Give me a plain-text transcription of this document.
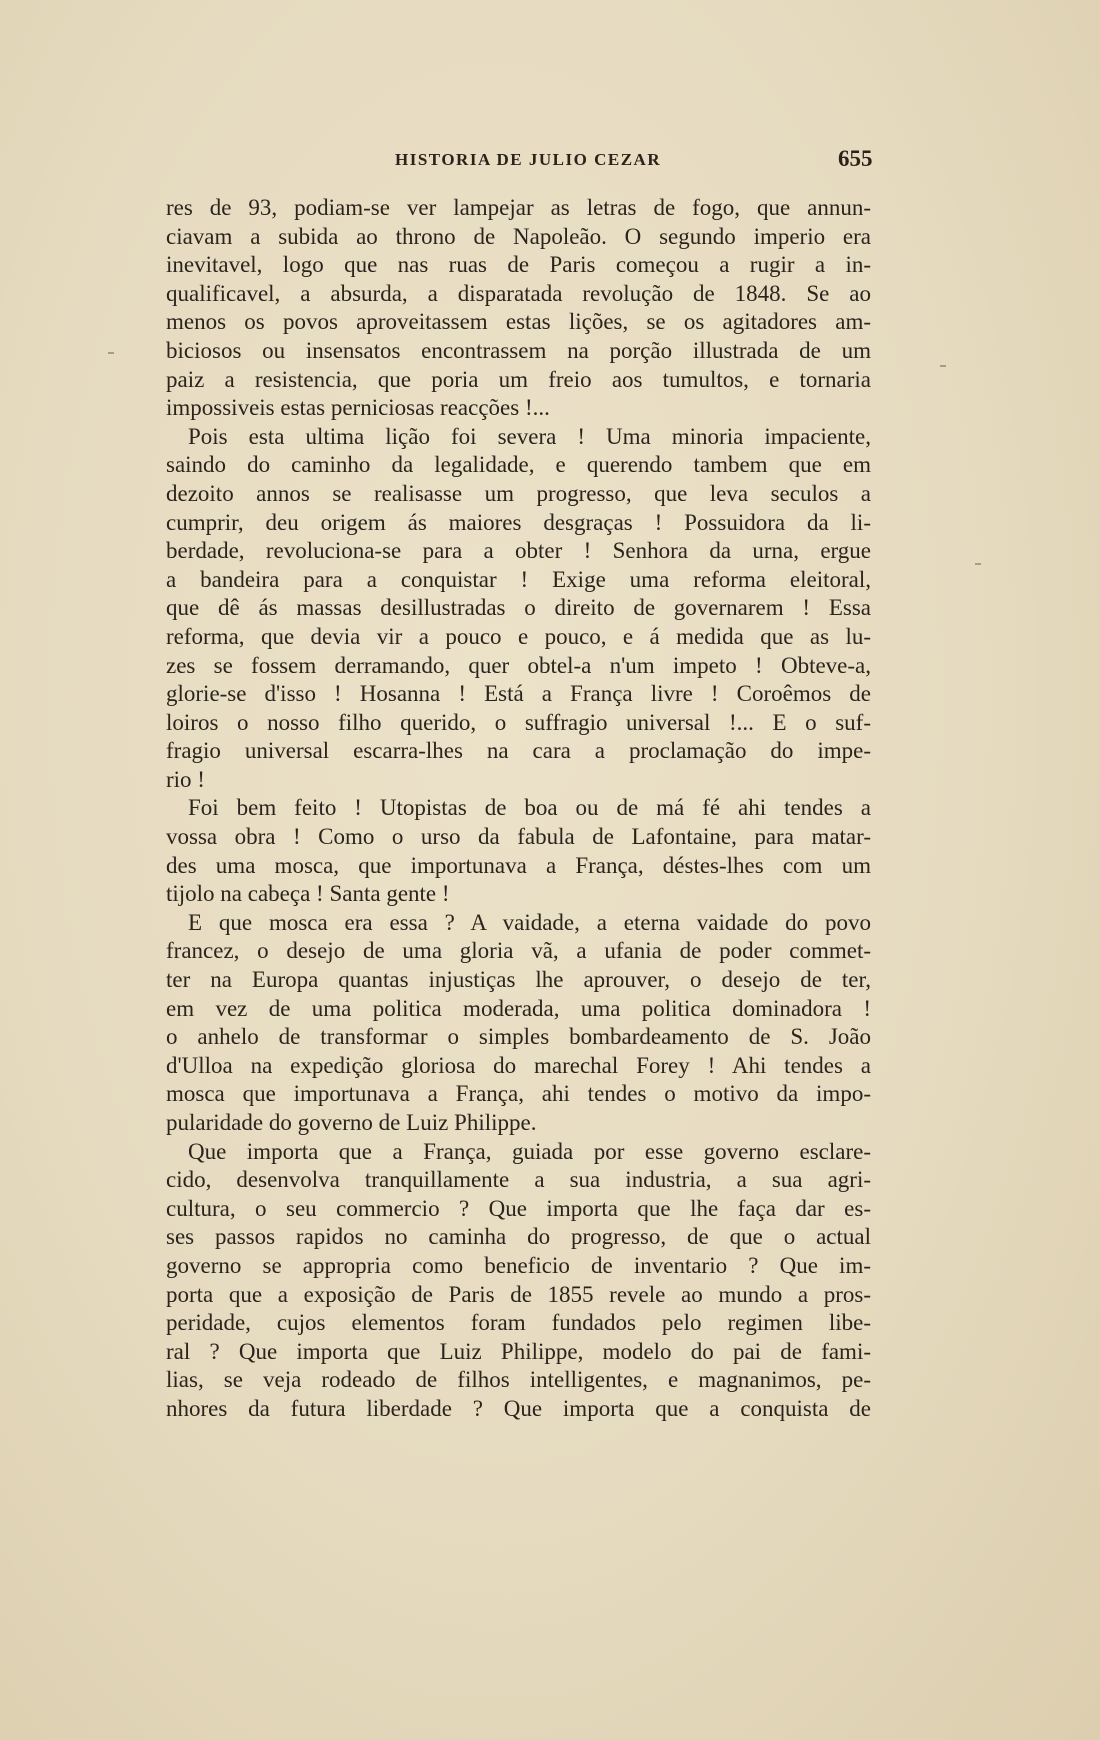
HISTORIA DE JULIO CEZAR	655
res de 93, podiam-se ver lampejar as letras de fogo, que annun-
ciavam a subida ao throno de Napoleão. O segundo imperio era
inevitavel, logo que nas ruas de Paris começou a rugir a in-
qualificavel, a absurda, a disparatada revolução de 1848. Se ao
menos os povos aproveitassem estas lições, se os agitadores am-
biciosos ou insensatos encontrassem na porção illustrada de um
paiz a resistencia, que poria um freio aos tumultos, e tornaria
impossiveis estas perniciosas reacções !...
Pois esta ultima lição foi severa ! Uma minoria impaciente,
saindo do caminho da legalidade, e querendo tambem que em
dezoito annos se realisasse um progresso, que leva seculos a
cumprir, deu origem ás maiores desgraças ! Possuidora da li-
berdade, revoluciona-se para a obter ! Senhora da urna, ergue
a bandeira para a conquistar ! Exige uma reforma eleitoral,
que dê ás massas desillustradas o direito de governarem ! Essa
reforma, que devia vir a pouco e pouco, e á medida que as lu-
zes se fossem derramando, quer obtel-a n'um impeto ! Obteve-a,
glorie-se d'isso ! Hosanna ! Está a França livre ! Coroêmos de
loiros o nosso filho querido, o suffragio universal !... E o suf-
fragio universal escarra-lhes na cara a proclamação do impe-
rio !
Foi bem feito ! Utopistas de boa ou de má fé ahi tendes a
vossa obra ! Como o urso da fabula de Lafontaine, para matar-
des uma mosca, que importunava a França, déstes-lhes com um
tijolo na cabeça ! Santa gente !
E que mosca era essa ? A vaidade, a eterna vaidade do povo
francez, o desejo de uma gloria vã, a ufania de poder commet-
ter na Europa quantas injustiças lhe aprouver, o desejo de ter,
em vez de uma politica moderada, uma politica dominadora !
o anhelo de transformar o simples bombardeamento de S. João
d'Ulloa na expedição gloriosa do marechal Forey ! Ahi tendes a
mosca que importunava a França, ahi tendes o motivo da impo-
pularidade do governo de Luiz Philippe.
Que importa que a França, guiada por esse governo esclare-
cido, desenvolva tranquillamente a sua industria, a sua agri-
cultura, o seu commercio ? Que importa que lhe faça dar es-
ses passos rapidos no caminha do progresso, de que o actual
governo se appropria como beneficio de inventario ? Que im-
porta que a exposição de Paris de 1855 revele ao mundo a pros-
peridade, cujos elementos foram fundados pelo regimen libe-
ral ? Que importa que Luiz Philippe, modelo do pai de fami-
lias, se veja rodeado de filhos intelligentes, e magnanimos, pe-
nhores da futura liberdade ? Que importa que a conquista de
